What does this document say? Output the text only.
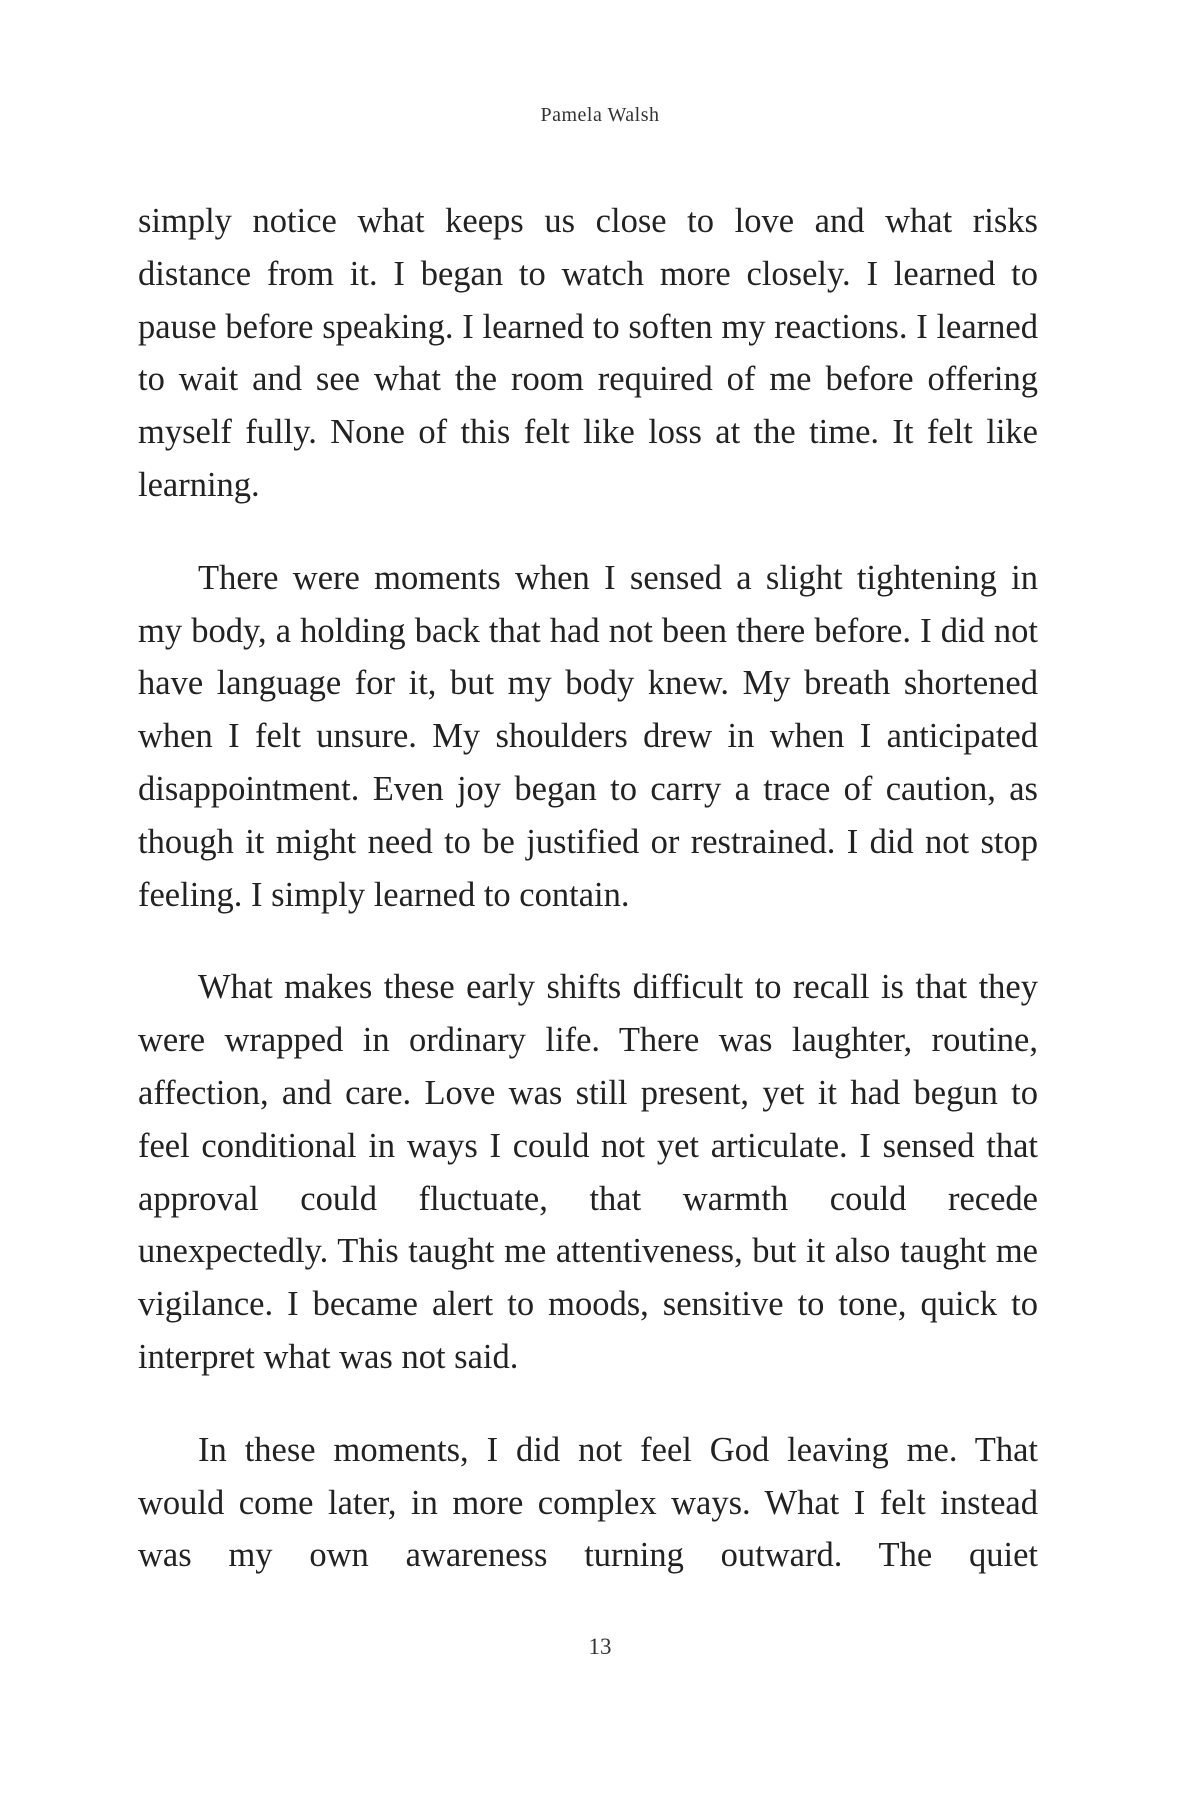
Pamela Walsh

simply notice what keeps us close to love and what risks distance from it. I began to watch more closely. I learned to pause before speaking. I learned to soften my reactions. I learned to wait and see what the room required of me before offering myself fully. None of this felt like loss at the time. It felt like learning.

There were moments when I sensed a slight tightening in my body, a holding back that had not been there before. I did not have language for it, but my body knew. My breath shortened when I felt unsure. My shoulders drew in when I anticipated disappointment. Even joy began to carry a trace of caution, as though it might need to be justified or restrained. I did not stop feeling. I simply learned to contain.

What makes these early shifts difficult to recall is that they were wrapped in ordinary life. There was laughter, routine, affection, and care. Love was still present, yet it had begun to feel conditional in ways I could not yet articulate. I sensed that approval could fluctuate, that warmth could recede unexpectedly. This taught me attentiveness, but it also taught me vigilance. I became alert to moods, sensitive to tone, quick to interpret what was not said.

In these moments, I did not feel God leaving me. That would come later, in more complex ways. What I felt instead was my own awareness turning outward. The quiet

13
